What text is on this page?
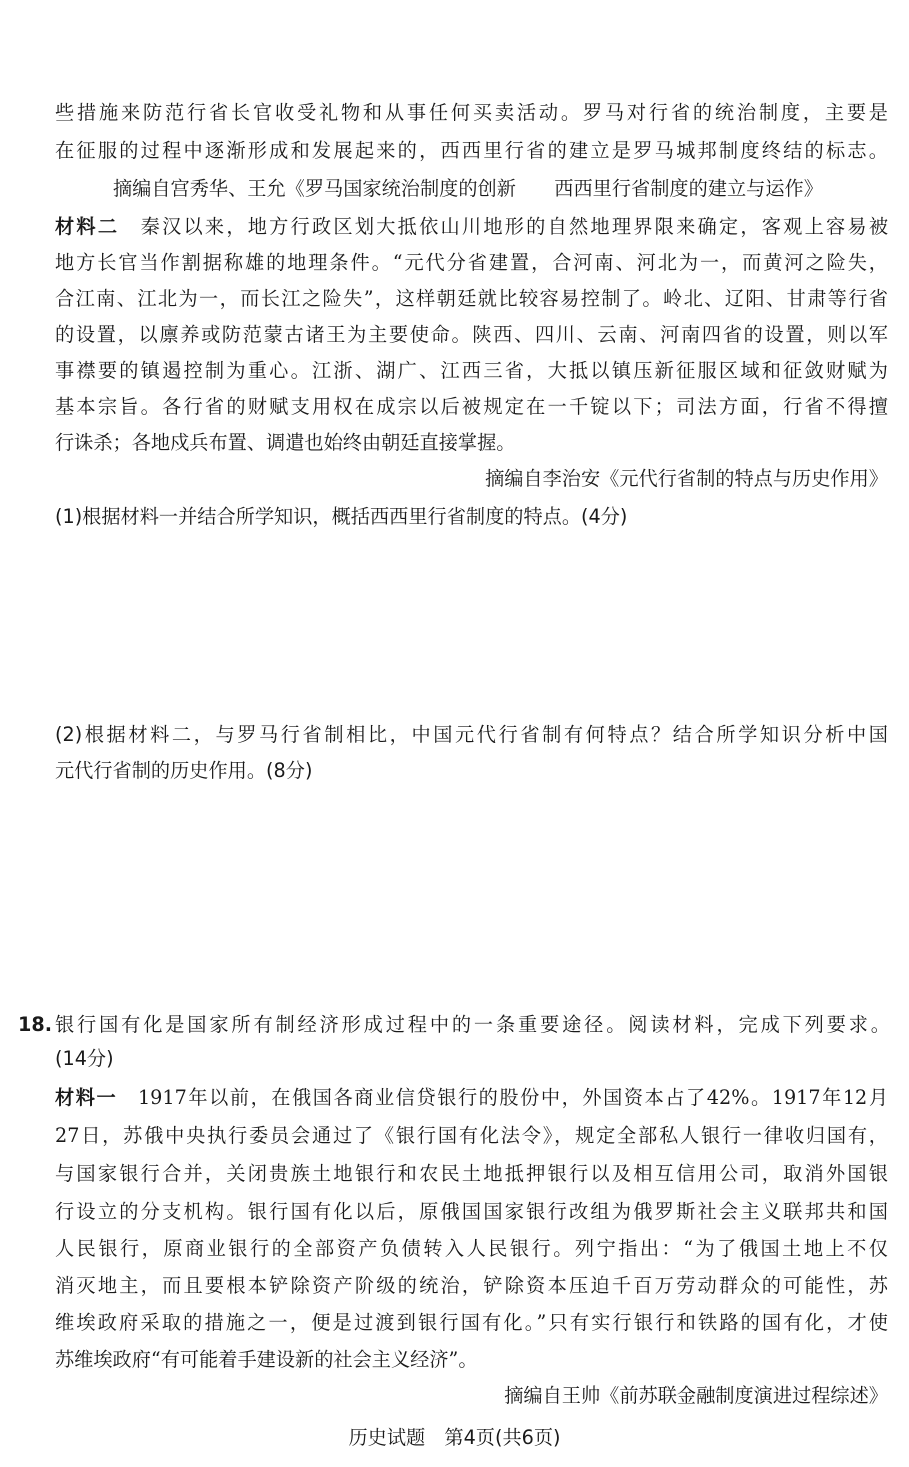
些措施来防范行省长官收受礼物和从事任何买卖活动。罗马对行省的统治制度，主要是
在征服的过程中逐渐形成和发展起来的，西西里行省的建立是罗马城邦制度终结的标志。
摘编自宫秀华、王允《罗马国家统治制度的创新　　西西里行省制度的建立与运作》
材料二　 秦汉以来，地方行政区划大抵依山川地形的自然地理界限来确定，客观上容易被
地方长官当作割据称雄的地理条件。“元代分省建置，合河南、河北为一，而黄河之险失，
合江南、江北为一，而长江之险失”，这样朝廷就比较容易控制了。岭北、辽阳、甘肃等行省
的设置，以廪养或防范蒙古诸王为主要使命。陕西、四川、云南、河南四省的设置，则以军
事襟要的镇遏控制为重心。江浙、湖广、江西三省，大抵以镇压新征服区域和征敛财赋为
基本宗旨。各行省的财赋支用权在成宗以后被规定在一千锭以下；司法方面，行省不得擅
行诛杀；各地戍兵布置、调遣也始终由朝廷直接掌握。
摘编自李治安《元代行省制的特点与历史作用》
(1)根据材料一并结合所学知识，概括西西里行省制度的特点。(4分)
(2)根据材料二，与罗马行省制相比，中国元代行省制有何特点？结合所学知识分析中国
元代行省制的历史作用。(8分)
18. 银行国有化是国家所有制经济形成过程中的一条重要途径。阅读材料，完成下列要求。
(14分)
材料一　 1917年以前，在俄国各商业信贷银行的股份中，外国资本占了42%。1917年12月
27日，苏俄中央执行委员会通过了《银行国有化法令》，规定全部私人银行一律收归国有，
与国家银行合并，关闭贵族土地银行和农民土地抵押银行以及相互信用公司，取消外国银
行设立的分支机构。银行国有化以后，原俄国国家银行改组为俄罗斯社会主义联邦共和国
人民银行，原商业银行的全部资产负债转入人民银行。列宁指出：“为了俄国土地上不仅
消灭地主，而且要根本铲除资产阶级的统治，铲除资本压迫千百万劳动群众的可能性，苏
维埃政府采取的措施之一，便是过渡到银行国有化。”只有实行银行和铁路的国有化，才使
苏维埃政府“有可能着手建设新的社会主义经济”。
摘编自王帅《前苏联金融制度演进过程综述》
历史试题　第4页(共6页)
